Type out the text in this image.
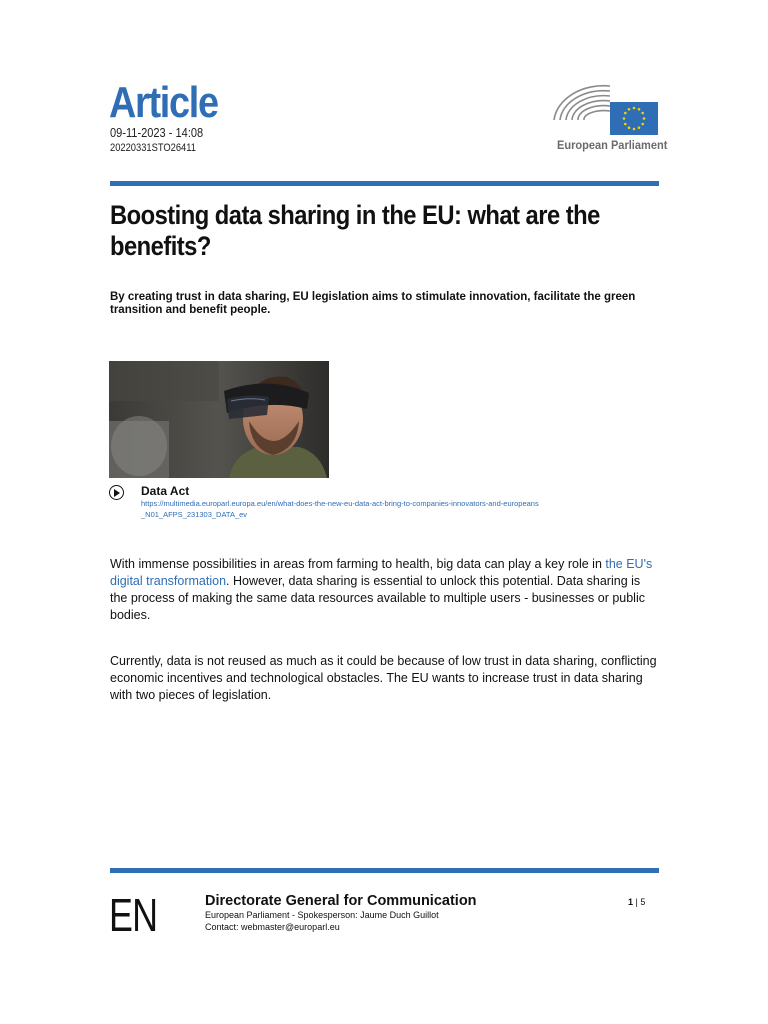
Article
09-11-2023 - 14:08
20220331STO26411	European Parliament
Boosting data sharing in the EU: what are the benefits?
By creating trust in data sharing, EU legislation aims to stimulate innovation, facilitate the green transition and benefit people.
Data Act
https://multimedia.europarl.europa.eu/en/what-does-the-new-eu-data-act-bring-to-companies-innovators-and-europeans_N01_AFPS_231303_DATA_ev
With immense possibilities in areas from farming to health, big data can play a key role in the EU's digital transformation. However, data sharing is essential to unlock this potential. Data sharing is the process of making the same data resources available to multiple users - businesses or public bodies.
Currently, data is not reused as much as it could be because of low trust in data sharing, conflicting economic incentives and technological obstacles. The EU wants to increase trust in data sharing with two pieces of legislation.
EN	Directorate General for Communication
European Parliament - Spokesperson: Jaume Duch Guillot
Contact: webmaster@europarl.eu
1 | 5
